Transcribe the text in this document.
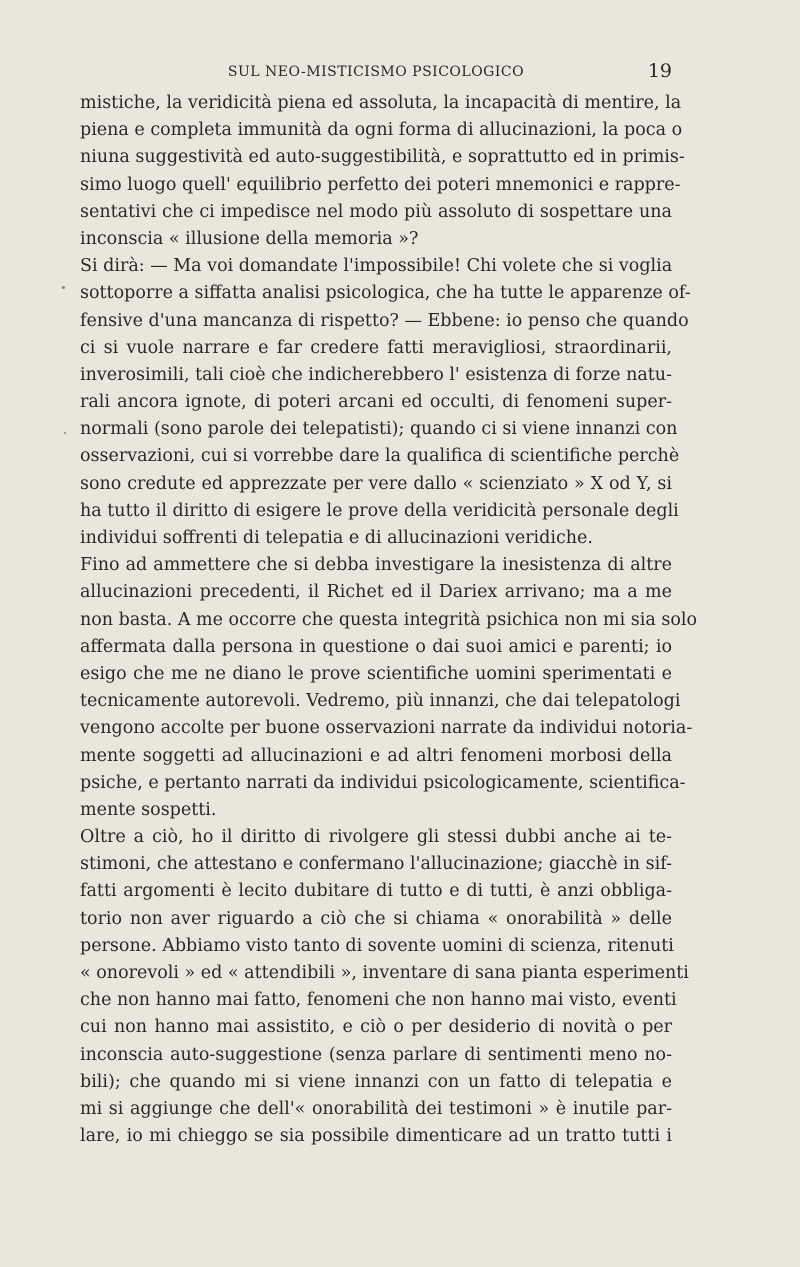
SUL NEO-MISTICISMO PSICOLOGICO	19
mistiche, la veridicità piena ed assoluta, la incapacità di mentire, la
piena e completa immunità da ogni forma di allucinazioni, la poca o
niuna suggestività ed auto-suggestibilità, e soprattutto ed in primis-
simo luogo quell' equilibrio perfetto dei poteri mnemonici e rappre-
sentativi che ci impedisce nel modo più assoluto di sospettare una
inconscia « illusione della memoria »?
Si dirà: — Ma voi domandate l'impossibile! Chi volete che si voglia
sottoporre a siffatta analisi psicologica, che ha tutte le apparenze of-
fensive d'una mancanza di rispetto? — Ebbene: io penso che quando
ci si vuole narrare e far credere fatti meravigliosi, straordinarii,
inverosimili, tali cioè che indicherebbero l' esistenza di forze natu-
rali ancora ignote, di poteri arcani ed occulti, di fenomeni super-
normali (sono parole dei telepatisti); quando ci si viene innanzi con
osservazioni, cui si vorrebbe dare la qualifica di scientifiche perchè
sono credute ed apprezzate per vere dallo « scienziato » X od Y, si
ha tutto il diritto di esigere le prove della veridicità personale degli
individui soffrenti di telepatia e di allucinazioni veridiche.
Fino ad ammettere che si debba investigare la inesistenza di altre
allucinazioni precedenti, il Richet ed il Dariex arrivano; ma a me
non basta. A me occorre che questa integrità psichica non mi sia solo
affermata dalla persona in questione o dai suoi amici e parenti; io
esigo che me ne diano le prove scientifiche uomini sperimentati e
tecnicamente autorevoli. Vedremo, più innanzi, che dai telepatologi
vengono accolte per buone osservazioni narrate da individui notoria-
mente soggetti ad allucinazioni e ad altri fenomeni morbosi della
psiche, e pertanto narrati da individui psicologicamente, scientifica-
mente sospetti.
Oltre a ciò, ho il diritto di rivolgere gli stessi dubbi anche ai te-
stimoni, che attestano e confermano l'allucinazione; giacchè in sif-
fatti argomenti è lecito dubitare di tutto e di tutti, è anzi obbliga-
torio non aver riguardo a ciò che si chiama « onorabilità » delle
persone. Abbiamo visto tanto di sovente uomini di scienza, ritenuti
« onorevoli » ed « attendibili », inventare di sana pianta esperimenti
che non hanno mai fatto, fenomeni che non hanno mai visto, eventi
cui non hanno mai assistito, e ciò o per desiderio di novità o per
inconscia auto-suggestione (senza parlare di sentimenti meno no-
bili); che quando mi si viene innanzi con un fatto di telepatia e
mi si aggiunge che dell'« onorabilità dei testimoni » è inutile par-
lare, io mi chieggo se sia possibile dimenticare ad un tratto tutti i
